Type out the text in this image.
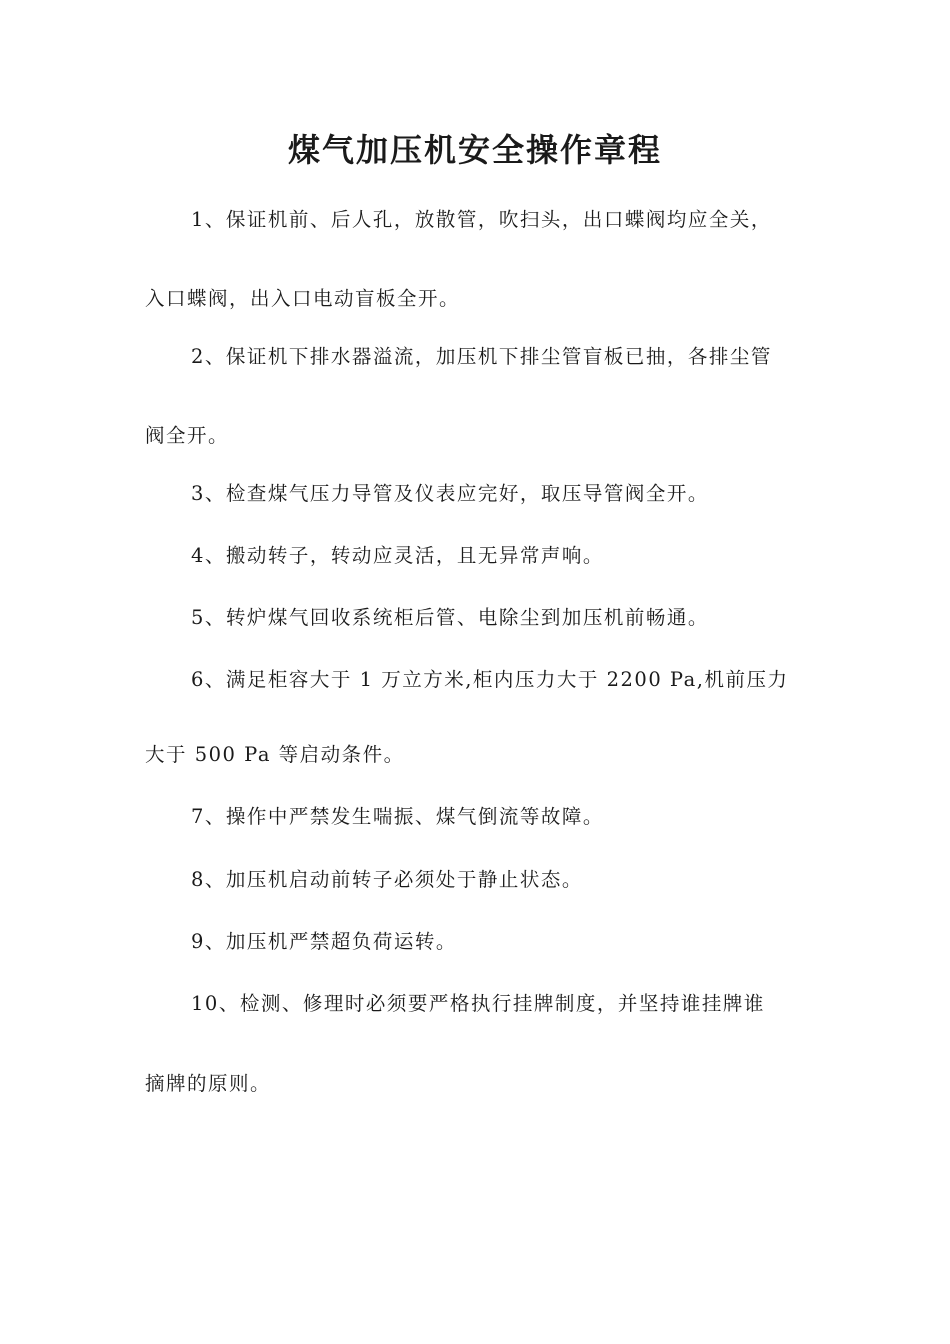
煤气加压机安全操作章程
1、保证机前、后人孔，放散管，吹扫头，出口蝶阀均应全关，
入口蝶阀，出入口电动盲板全开。
2、保证机下排水器溢流，加压机下排尘管盲板已抽，各排尘管
阀全开。
3、检查煤气压力导管及仪表应完好，取压导管阀全开。
4、搬动转子，转动应灵活，且无异常声响。
5、转炉煤气回收系统柜后管、电除尘到加压机前畅通。
6、满足柜容大于 1 万立方米,柜内压力大于 2200 Pa,机前压力
大于 500 Pa 等启动条件。
7、操作中严禁发生喘振、煤气倒流等故障。
8、加压机启动前转子必须处于静止状态。
9、加压机严禁超负荷运转。
10、检测、修理时必须要严格执行挂牌制度，并坚持谁挂牌谁
摘牌的原则。
